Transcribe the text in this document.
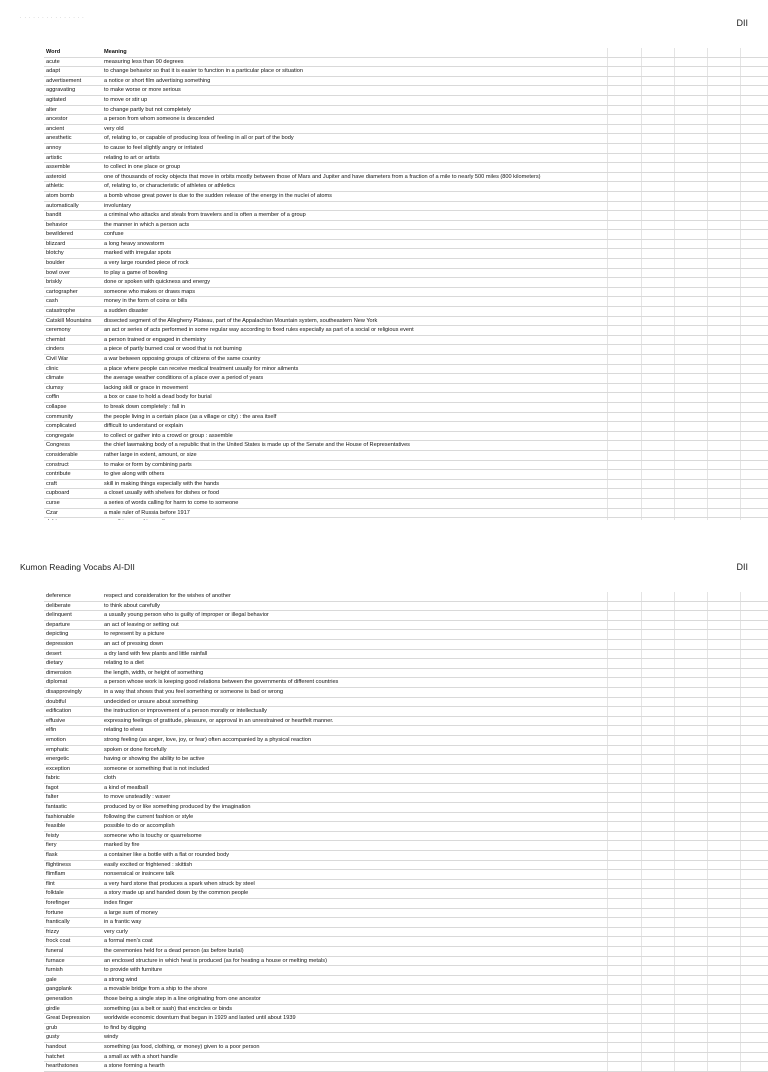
· · · · · · · · · · · · · · ·
DII
Word	Meaning
acute	measuring less than 90 degrees
adapt	to change behavior so that it is easier to function in a particular place or situation
advertisement	a notice or short film advertising something
aggravating	to make worse or more serious
agitated	to move or stir up
alter	to change partly but not completely
ancestor	a person from whom someone is descended
ancient	very old
anesthetic	of, relating to, or capable of producing loss of feeling in all or part of the body
annoy	to cause to feel slightly angry or irritated
artistic	relating to art or artists
assemble	to collect in one place or group
asteroid	one of thousands of rocky objects that move in orbits mostly between those of Mars and Jupiter and have diameters from a fraction of a mile to nearly 500 miles (800 kilometers)
athletic	of, relating to, or characteristic of athletes or athletics
atom bomb	a bomb whose great power is due to the sudden release of the energy in the nuclei of atoms
automatically	involuntary
bandit	a criminal who attacks and steals from travelers and is often a member of a group
behavior	the manner in which a person acts
bewildered	confuse
blizzard	a long heavy snowstorm
blotchy	marked with irregular spots
boulder	a very large rounded piece of rock
bowl over	to play a game of bowling
briskly	done or spoken with quickness and energy
cartographer	someone who makes or draws maps
cash	money in the form of coins or bills
catastrophe	a sudden disaster
Catskill Mountains	dissected segment of the Allegheny Plateau, part of the Appalachian Mountain system, southeastern New York
ceremony	an act or series of acts performed in some regular way according to fixed rules especially as part of a social or religious event
chemist	a person trained or engaged in chemistry
cinders	a piece of partly burned coal or wood that is not burning
Civil War	a war between opposing groups of citizens of the same country
clinic	a place where people can receive medical treatment usually for minor ailments
climate	the average weather conditions of a place over a period of years
clumsy	lacking skill or grace in movement
coffin	a box or case to hold a dead body for burial
collapse	to break down completely : fall in
community	the people living in a certain place (as a village or city) : the area itself
complicated	difficult to understand or explain
congregate	to collect or gather into a crowd or group : assemble
Congress	the chief lawmaking body of a republic that in the United States is made up of the Senate and the House of Representatives
considerable	rather large in extent, amount, or size
construct	to make or form by combining parts
contribute	to give along with others
craft	skill in making things especially with the hands
cupboard	a closet usually with shelves for dishes or food
curse	a series of words calling for harm to come to someone
Czar	a male ruler of Russia before 1917
Kumon Reading Vocabs AI-DII	DII
deference	respect and consideration for the wishes of another
deliberate	to think about carefully
delinquent	a usually young person who is guilty of improper or illegal behavior
departure	an act of leaving or setting out
depicting	to represent by a picture
depression	an act of pressing down
desert	a dry land with few plants and little rainfall
dietary	relating to a diet
dimension	the length, width, or height of something
diplomat	a person whose work is keeping good relations between the governments of different countries
disapprovingly	in a way that shows that you feel something or someone is bad or wrong
doubtful	undecided or unsure about something
edification	the instruction or improvement of a person morally or intellectually
effusive	expressing feelings of gratitude, pleasure, or approval in an unrestrained or heartfelt manner.
elfin	relating to elves
emotion	strong feeling (as anger, love, joy, or fear) often accompanied by a physical reaction
emphatic	spoken or done forcefully
energetic	having or showing the ability to be active
exception	someone or something that is not included
fabric	cloth
fagot	a kind of meatball
falter	to move unsteadily : waver
fantastic	produced by or like something produced by the imagination
fashionable	following the current fashion or style
feasible	possible to do or accomplish
feisty	someone who is touchy or quarrelsome
fiery	marked by fire
flask	a container like a bottle with a flat or rounded body
flightiness	easily excited or frightened : skittish
flimflam	nonsensical or insincere talk
flint	a very hard stone that produces a spark when struck by steel
folktale	a story made up and handed down by the common people
forefinger	index finger
fortune	a large sum of money
frantically	in a frantic way
frizzy	very curly
frock coat	a formal men's coat
funeral	the ceremonies held for a dead person (as before burial)
furnace	an enclosed structure in which heat is produced (as for heating a house or melting metals)
furnish	to provide with furniture
gale	a strong wind
gangplank	a movable bridge from a ship to the shore
generation	those being a single step in a line originating from one ancestor
girdle	something (as a belt or sash) that encircles or binds
Great Depression	worldwide economic downturn that began in 1929 and lasted until about 1939
grub	to find by digging
gusty	windy
handout	something (as food, clothing, or money) given to a poor person
hatchet	a small ax with a short handle
hearthstones	a stone forming a hearth
